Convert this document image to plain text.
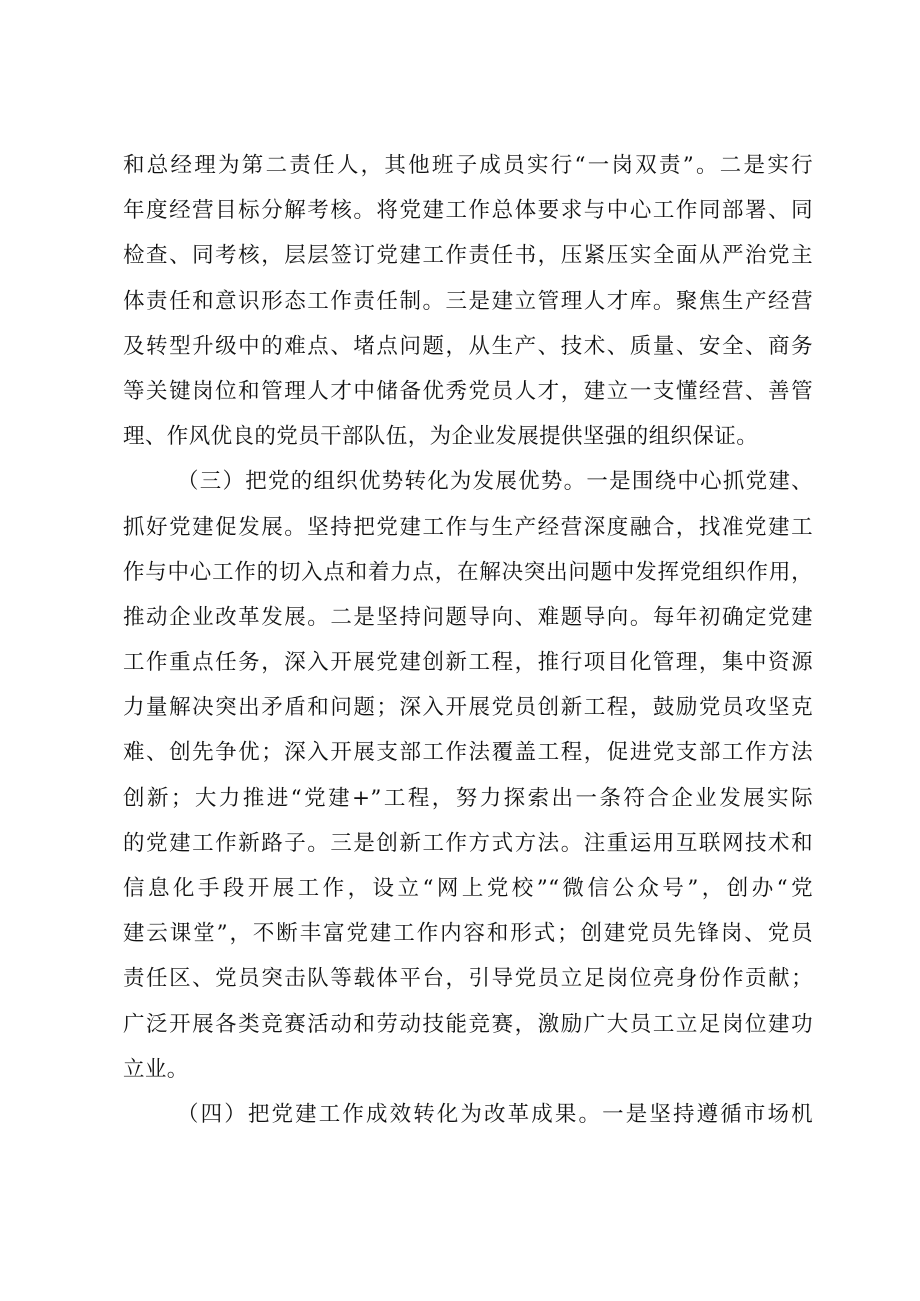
和总经理为第二责任人，其他班子成员实行“一岗双责”。二是实行
年度经营目标分解考核。将党建工作总体要求与中心工作同部署、同
检查、同考核，层层签订党建工作责任书，压紧压实全面从严治党主
体责任和意识形态工作责任制。三是建立管理人才库。聚焦生产经营
及转型升级中的难点、堵点问题，从生产、技术、质量、安全、商务
等关键岗位和管理人才中储备优秀党员人才，建立一支懂经营、善管
理、作风优良的党员干部队伍，为企业发展提供坚强的组织保证。
（三）把党的组织优势转化为发展优势。一是围绕中心抓党建、
抓好党建促发展。坚持把党建工作与生产经营深度融合，找准党建工
作与中心工作的切入点和着力点，在解决突出问题中发挥党组织作用，
推动企业改革发展。二是坚持问题导向、难题导向。每年初确定党建
工作重点任务，深入开展党建创新工程，推行项目化管理，集中资源
力量解决突出矛盾和问题；深入开展党员创新工程，鼓励党员攻坚克
难、创先争优；深入开展支部工作法覆盖工程，促进党支部工作方法
创新；大力推进“党建+”工程，努力探索出一条符合企业发展实际
的党建工作新路子。三是创新工作方式方法。注重运用互联网技术和
信息化手段开展工作，设立“网上党校”“微信公众号”，创办“党
建云课堂”，不断丰富党建工作内容和形式；创建党员先锋岗、党员
责任区、党员突击队等载体平台，引导党员立足岗位亮身份作贡献；
广泛开展各类竞赛活动和劳动技能竞赛，激励广大员工立足岗位建功
立业。
（四）把党建工作成效转化为改革成果。一是坚持遵循市场机
